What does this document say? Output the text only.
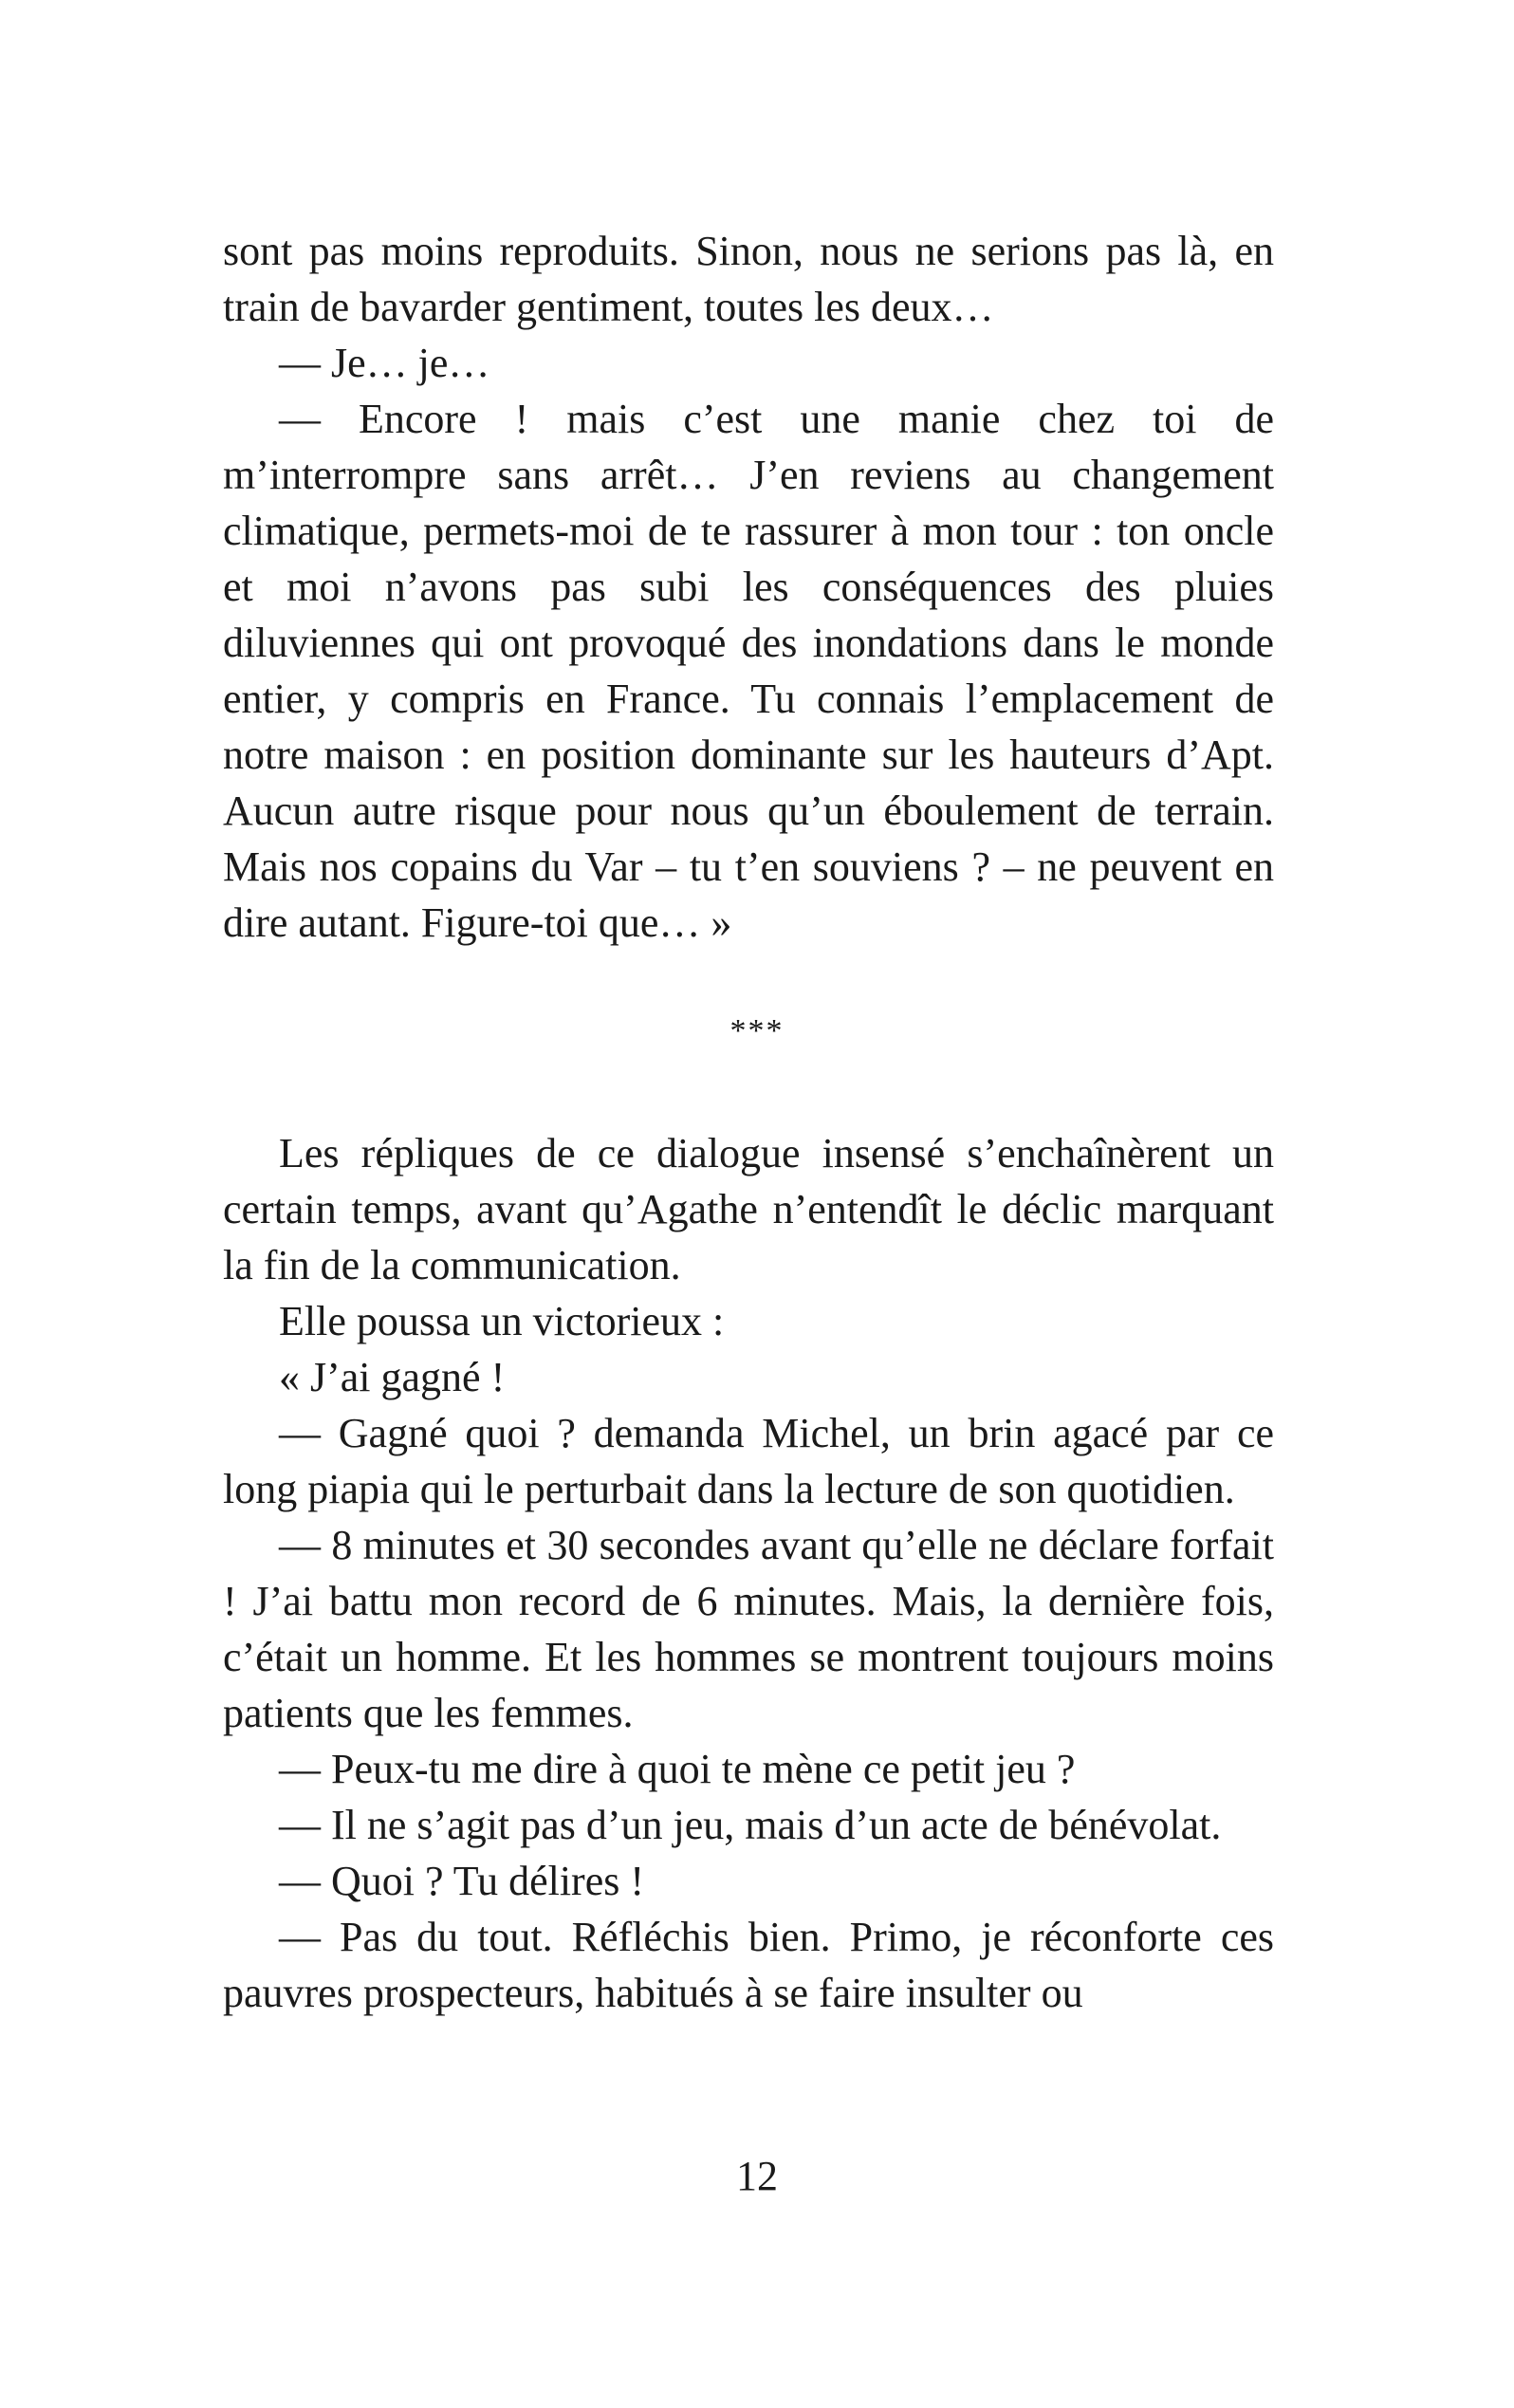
sont pas moins reproduits. Sinon, nous ne serions pas là, en train de bavarder gentiment, toutes les deux…

— Je… je…

— Encore ! mais c’est une manie chez toi de m’interrompre sans arrêt… J’en reviens au changement climatique, permets-moi de te rassurer à mon tour : ton oncle et moi n’avons pas subi les conséquences des pluies diluviennes qui ont provoqué des inondations dans le monde entier, y compris en France. Tu connais l’emplacement de notre maison : en position dominante sur les hauteurs d’Apt. Aucun autre risque pour nous qu’un éboulement de terrain. Mais nos copains du Var – tu t’en souviens ? – ne peuvent en dire autant. Figure-toi que… »

***

Les répliques de ce dialogue insensé s’enchaînèrent un certain temps, avant qu’Agathe n’entendît le déclic marquant la fin de la communication.

Elle poussa un victorieux :

« J’ai gagné !

— Gagné quoi ? demanda Michel, un brin agacé par ce long piapia qui le perturbait dans la lecture de son quotidien.

— 8 minutes et 30 secondes avant qu’elle ne déclare forfait ! J’ai battu mon record de 6 minutes. Mais, la dernière fois, c’était un homme. Et les hommes se montrent toujours moins patients que les femmes.

— Peux-tu me dire à quoi te mène ce petit jeu ?

— Il ne s’agit pas d’un jeu, mais d’un acte de bénévolat.

— Quoi ? Tu délires !

— Pas du tout. Réfléchis bien. Primo, je réconforte ces pauvres prospecteurs, habitués à se faire insulter ou

12
